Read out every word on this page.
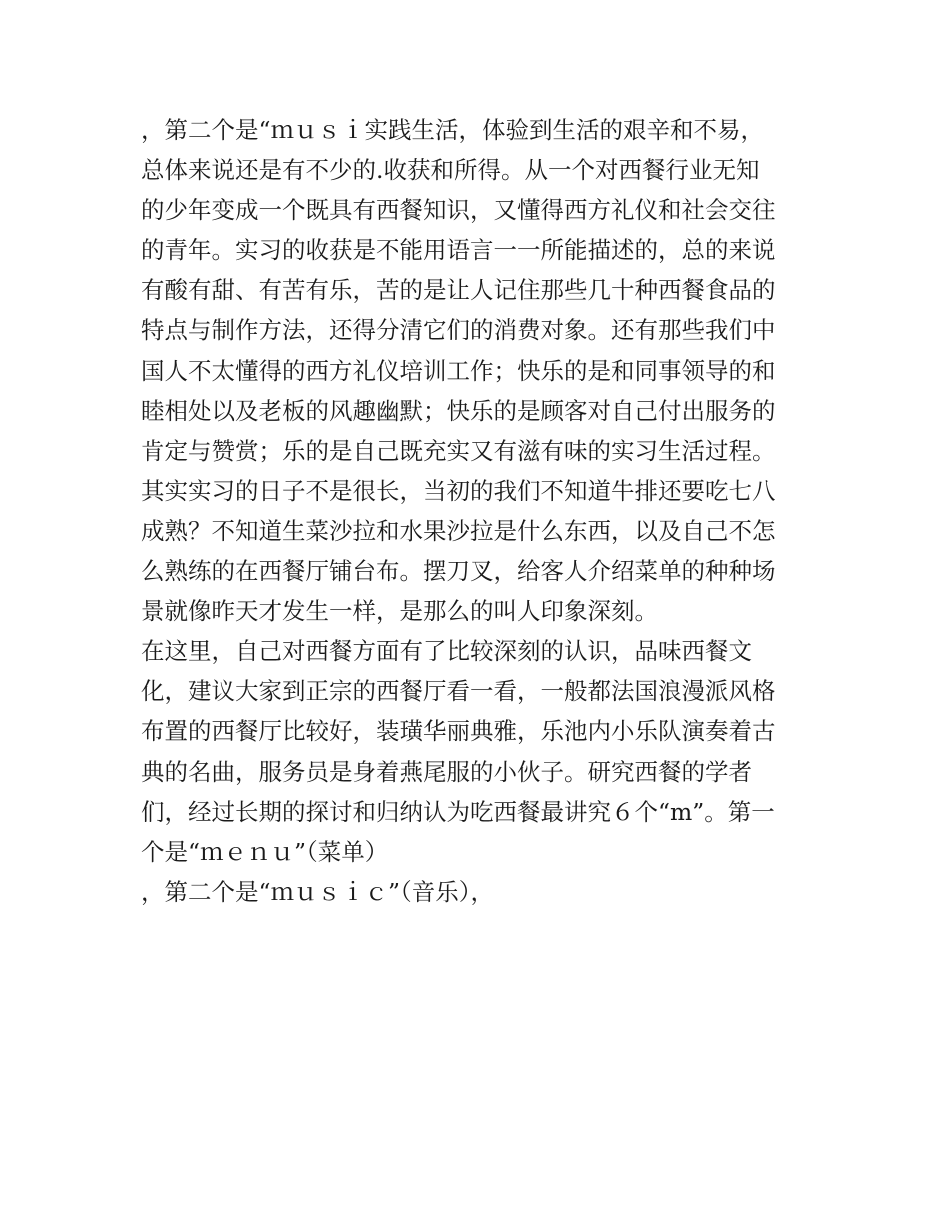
，第二个是“ｍｕｓｉ实践生活，体验到生活的艰辛和不易，
总体来说还是有不少的.收获和所得。从一个对西餐行业无知
的少年变成一个既具有西餐知识，又懂得西方礼仪和社会交往
的青年。实习的收获是不能用语言一一所能描述的，总的来说
有酸有甜、有苦有乐，苦的是让人记住那些几十种西餐食品的
特点与制作方法，还得分清它们的消费对象。还有那些我们中
国人不太懂得的西方礼仪培训工作；快乐的是和同事领导的和
睦相处以及老板的风趣幽默；快乐的是顾客对自己付出服务的
肯定与赞赏；乐的是自己既充实又有滋有味的实习生活过程。
其实实习的日子不是很长，当初的我们不知道牛排还要吃七八
成熟？不知道生菜沙拉和水果沙拉是什么东西，以及自己不怎
么熟练的在西餐厅铺台布。摆刀叉，给客人介绍菜单的种种场
景就像昨天才发生一样，是那么的叫人印象深刻。
在这里，自己对西餐方面有了比较深刻的认识，品味西餐文
化，建议大家到正宗的西餐厅看一看，一般都法国浪漫派风格
布置的西餐厅比较好，装璜华丽典雅，乐池内小乐队演奏着古
典的名曲，服务员是身着燕尾服的小伙子。研究西餐的学者
们，经过长期的探讨和归纳认为吃西餐最讲究６个“m”。第一
个是“ｍｅｎｕ”（菜单）
，第二个是“ｍｕｓｉｃ”（音乐），
